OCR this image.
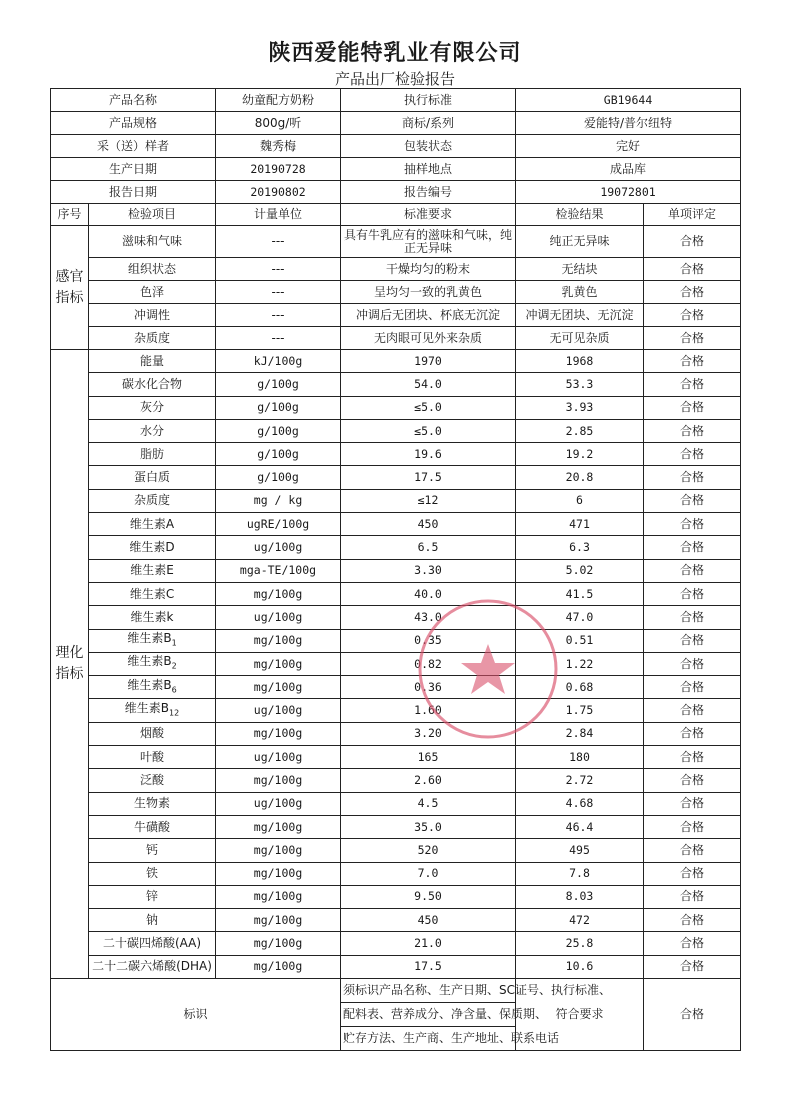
陕西爱能特乳业有限公司
产品出厂检验报告
产品名称		幼童配方奶粉	执行标准	GB19644	
产品规格		800g/听	商标/系列	爱能特/普尔纽特	
采（送）样者		魏秀梅	包装状态	完好	
生产日期		20190728	抽样地点	成品库	
报告日期		20190802	报告编号	19072801	
序号	检验项目	计量单位	标准要求	检验结果	单项评定
感官指标	滋味和气味	---	具有牛乳应有的滋味和气味，纯正无异味	纯正无异味	合格
	组织状态	---	干燥均匀的粉末	无结块	合格
	色泽	---	呈均匀一致的乳黄色	乳黄色	合格
	冲调性	---	冲调后无团块、杯底无沉淀	冲调无团块、无沉淀	合格
	杂质度	---	无肉眼可见外来杂质	无可见杂质	合格
理化指标	能量	kJ/100g	1970	1968	合格
	碳水化合物	g/100g	54.0	53.3	合格
	灰分	g/100g	≤5.0	3.93	合格
	水分	g/100g	≤5.0	2.85	合格
	脂肪	g/100g	19.6	19.2	合格
	蛋白质	g/100g	17.5	20.8	合格
	杂质度	mg / kg	≤12	6	合格
	维生素A	ugRE/100g	450	471	合格
	维生素D	ug/100g	6.5	6.3	合格
	维生素E	mga-TE/100g	3.30	5.02	合格
	维生素C	mg/100g	40.0	41.5	合格
	维生素k	ug/100g	43.0	47.0	合格
	维生素$B_1$	mg/100g	0.35	0.51	合格
	维生素$B_2$	mg/100g	0.82	1.22	合格
	维生素$B_6$	mg/100g	0.36	0.68	合格
	维生素$B_{12}$	ug/100g	1.60	1.75	合格
	烟酸	mg/100g	3.20	2.84	合格
	叶酸	ug/100g	165	180	合格
	泛酸	mg/100g	2.60	2.72	合格
	生物素	ug/100g	4.5	4.68	合格
	牛磺酸	mg/100g	35.0	46.4	合格
	钙	mg/100g	520	495	合格
	铁	mg/100g	7.0	7.8	合格
	锌	mg/100g	9.50	8.03	合格
	钠	mg/100g	450	472	合格
	二十碳四烯酸(AA)	mg/100g	21.0	25.8	合格
	二十二碳六烯酸(DHA)	mg/100g	17.5	10.6	合格
标识			须标识产品名称、生产日期、SC证号、执行标准、	符合要求	合格
			配料表、营养成分、净含量、保质期、		
			贮存方法、生产商、生产地址、联系电话		
